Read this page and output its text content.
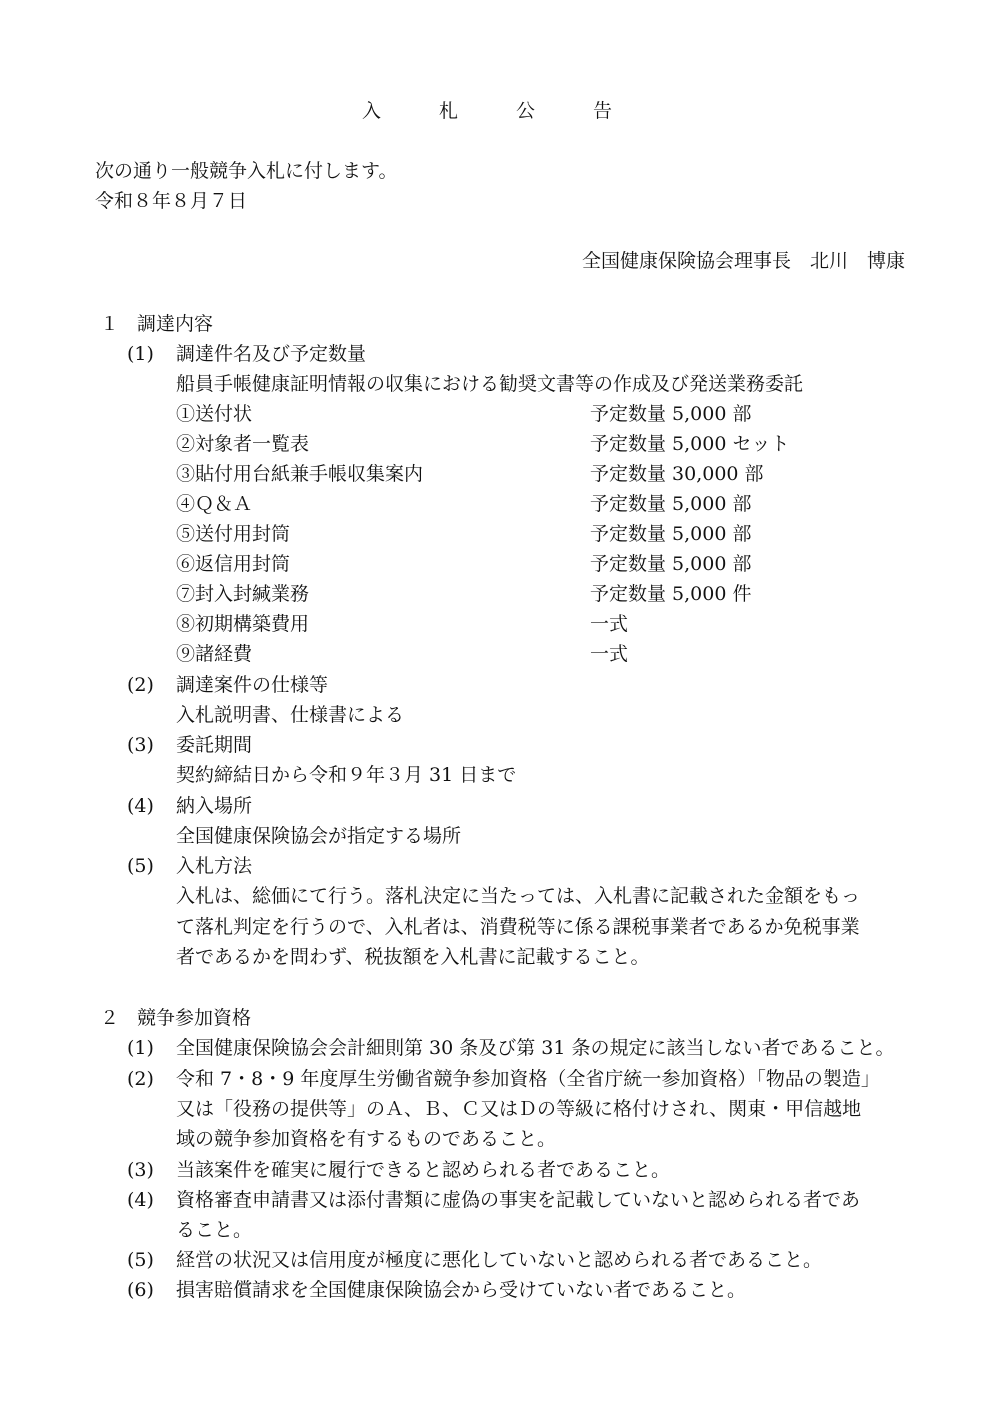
入 札 公 告
次の通り一般競争入札に付します。
令和８年８月７日
全国健康保険協会理事長　北川　博康
１ 調達内容
(1) 調達件名及び予定数量
船員手帳健康証明情報の収集における勧奨文書等の作成及び発送業務委託
①送付状	予定数量 5,000 部
②対象者一覧表	予定数量 5,000 セット
③貼付用台紙兼手帳収集案内	予定数量 30,000 部
④Ｑ＆Ａ	予定数量 5,000 部
⑤送付用封筒	予定数量 5,000 部
⑥返信用封筒	予定数量 5,000 部
⑦封入封緘業務	予定数量 5,000 件
⑧初期構築費用	一式
⑨諸経費	一式
(2) 調達案件の仕様等
入札説明書、仕様書による
(3) 委託期間
契約締結日から令和９年３月 31 日まで
(4) 納入場所
全国健康保険協会が指定する場所
(5) 入札方法
入札は、総価にて行う。落札決定に当たっては、入札書に記載された金額をもっ
て落札判定を行うので、入札者は、消費税等に係る課税事業者であるか免税事業
者であるかを問わず、税抜額を入札書に記載すること。
２ 競争参加資格
(1) 全国健康保険協会会計細則第 30 条及び第 31 条の規定に該当しない者であること。
(2) 令和 7・8・9 年度厚生労働省競争参加資格（全省庁統一参加資格）「物品の製造」
又は「役務の提供等」のＡ、Ｂ、Ｃ又はＤの等級に格付けされ、関東・甲信越地
域の競争参加資格を有するものであること。
(3) 当該案件を確実に履行できると認められる者であること。
(4) 資格審査申請書又は添付書類に虚偽の事実を記載していないと認められる者であ
ること。
(5) 経営の状況又は信用度が極度に悪化していないと認められる者であること。
(6) 損害賠償請求を全国健康保険協会から受けていない者であること。
